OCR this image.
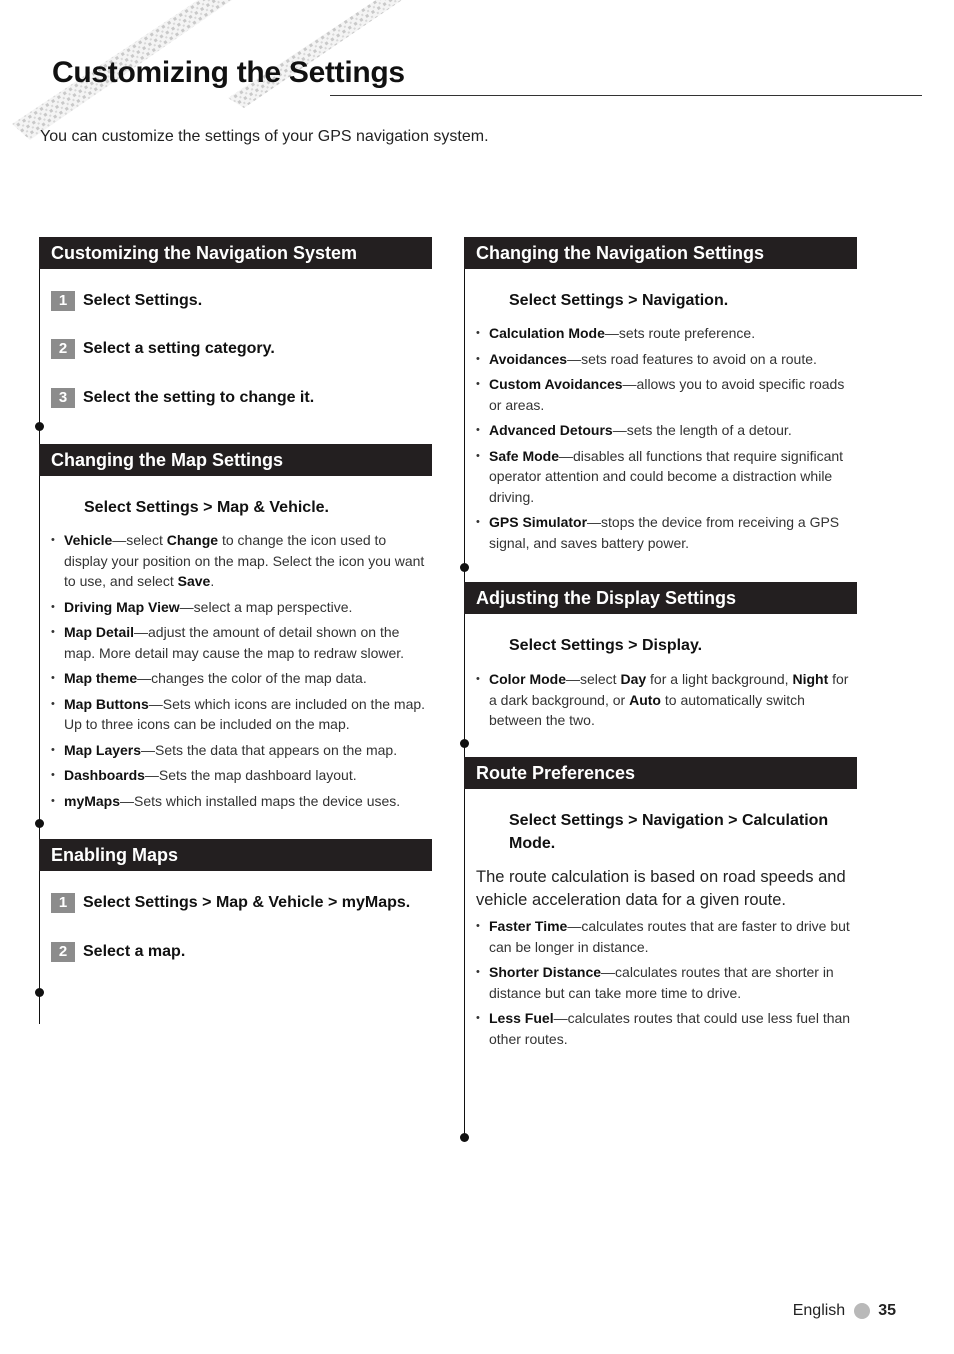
Customizing the Settings

You can customize the settings of your GPS navigation system.

Customizing the Navigation System
1 Select Settings.
2 Select a setting category.
3 Select the setting to change it.
Changing the Map Settings

Select Settings > Map & Vehicle.

• Vehicle—select Change to change the icon used to display your position on the map. Select the icon you want to use, and select Save.
• Driving Map View—select a map perspective.
• Map Detail—adjust the amount of detail shown on the map. More detail may cause the map to redraw slower.
• Map theme—changes the color of the map data.
• Map Buttons—Sets which icons are included on the map. Up to three icons can be included on the map.
• Map Layers—Sets the data that appears on the map.
• Dashboards—Sets the map dashboard layout.
• myMaps—Sets which installed maps the device uses.
Enabling Maps
1 Select Settings > Map & Vehicle > myMaps.
2 Select a map.
Changing the Navigation Settings

Select Settings > Navigation.

• Calculation Mode—sets route preference.
• Avoidances—sets road features to avoid on a route.
• Custom Avoidances—allows you to avoid specific roads or areas.
• Advanced Detours—sets the length of a detour.
• Safe Mode—disables all functions that require significant operator attention and could become a distraction while driving.
• GPS Simulator—stops the device from receiving a GPS signal, and saves battery power.
Adjusting the Display Settings

Select Settings > Display.

• Color Mode—select Day for a light background, Night for a dark background, or Auto to automatically switch between the two.
Route Preferences

Select Settings > Navigation > Calculation Mode.

The route calculation is based on road speeds and vehicle acceleration data for a given route.

• Faster Time—calculates routes that are faster to drive but can be longer in distance.
• Shorter Distance—calculates routes that are shorter in distance but can take more time to drive.
• Less Fuel—calculates routes that could use less fuel than other routes.
English 35
